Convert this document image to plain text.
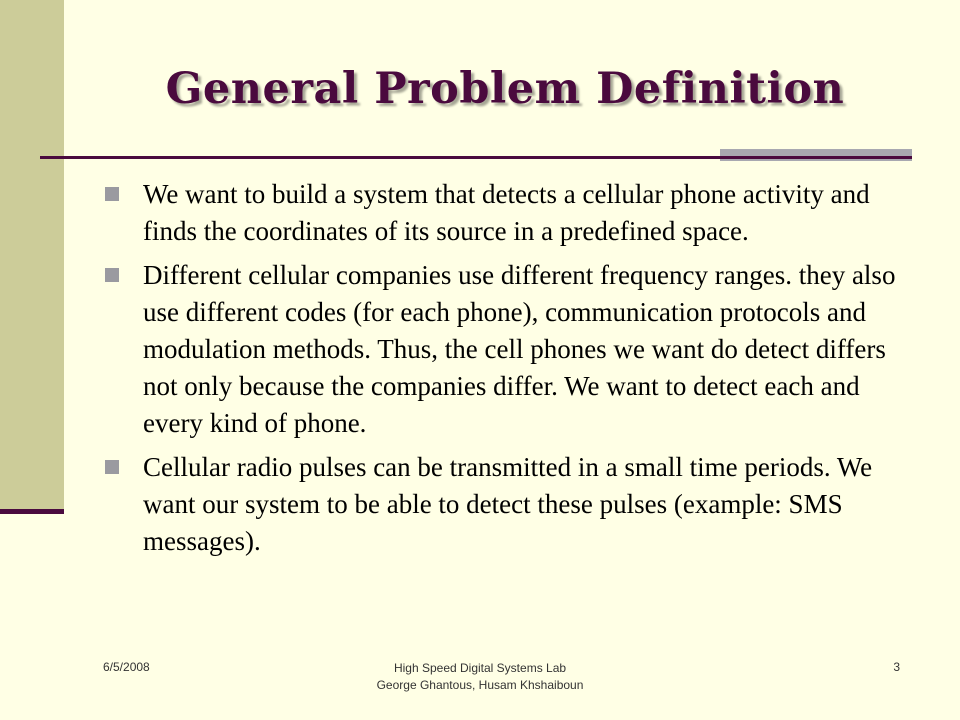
General Problem Definition
We want to build a system that detects a cellular phone activity and finds the coordinates of its source in a predefined space.
Different cellular companies use different frequency ranges. they also use different codes (for each phone), communication protocols and modulation methods. Thus, the cell phones we want do detect differs not only because the companies differ. We want to detect each and every kind of phone.
Cellular radio pulses can be transmitted in a small time periods. We want our system to be able to detect these pulses (example: SMS messages).
6/5/2008	High Speed Digital Systems Lab
George Ghantous, Husam Khshaiboun
3
